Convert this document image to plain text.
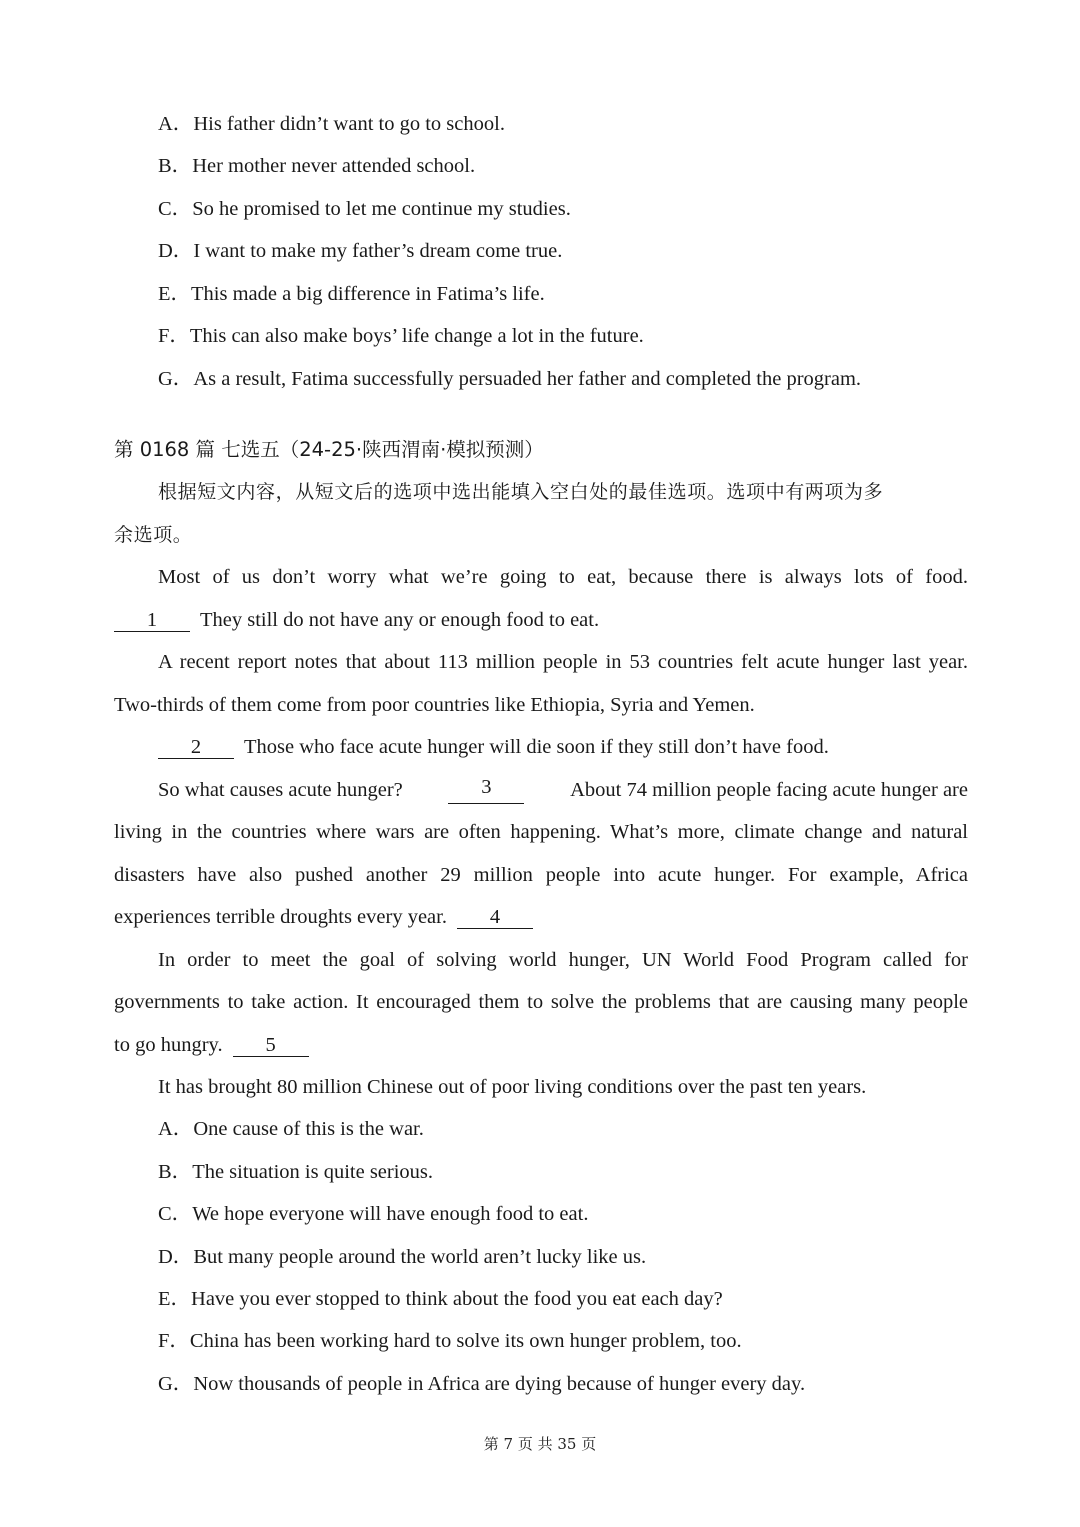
A．His father didn’t want to go to school.
B．Her mother never attended school.
C．So he promised to let me continue my studies.
D．I want to make my father’s dream come true.
E．This made a big difference in Fatima’s life.
F．This can also make boys’ life change a lot in the future.
G．As a result, Fatima successfully persuaded her father and completed the program.
第 0168 篇 七选五（24-25·陕西渭南·模拟预测）
根据短文内容，从短文后的选项中选出能填入空白处的最佳选项。选项中有两项为多
余选项。
Most of us don’t worry what we’re going to eat, because there is always lots of food.
1 They still do not have any or enough food to eat.
A recent report notes that about 113 million people in 53 countries felt acute hunger last year.
Two-thirds of them come from poor countries like Ethiopia, Syria and Yemen.
2 Those who face acute hunger will die soon if they still don’t have food.
So what causes acute hunger?	3	About 74 million people facing acute hunger are
living in the countries where wars are often happening. What’s more, climate change and natural
disasters have also pushed another 29 million people into acute hunger. For example, Africa
experiences terrible droughts every year. 4
In order to meet the goal of solving world hunger, UN World Food Program called for
governments to take action. It encouraged them to solve the problems that are causing many people
to go hungry. 5
It has brought 80 million Chinese out of poor living conditions over the past ten years.
A．One cause of this is the war.
B．The situation is quite serious.
C．We hope everyone will have enough food to eat.
D．But many people around the world aren’t lucky like us.
E．Have you ever stopped to think about the food you eat each day?
F．China has been working hard to solve its own hunger problem, too.
G．Now thousands of people in Africa are dying because of hunger every day.
第 7 页 共 35 页
